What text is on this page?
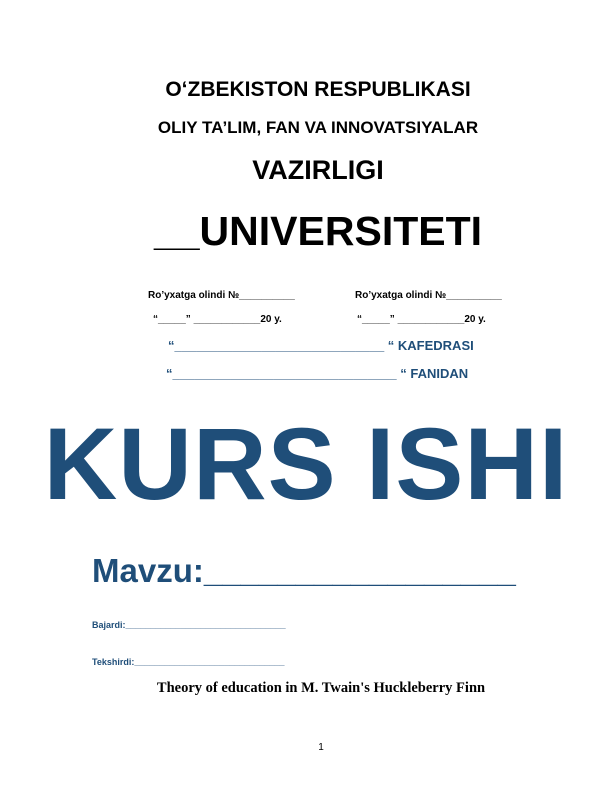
O‘ZBEKISTON RESPUBLIKASI
OLIY TA’LIM, FAN VA INNOVATSIYALAR
VAZIRLIGI
__UNIVERSITETI
Ro’yxatga olindi №__________	Ro’yxatga olindi №__________
“_____” ____________20 y.	“_____” ____________20 y.
“_____________________________ “ KAFEDRASI
“_______________________________ “ FANIDAN
KURS ISHI
Mavzu:_________________
Bajardi:________________________________
Tekshirdi:______________________________
Theory of education in M. Twain's Huckleberry Finn
1
